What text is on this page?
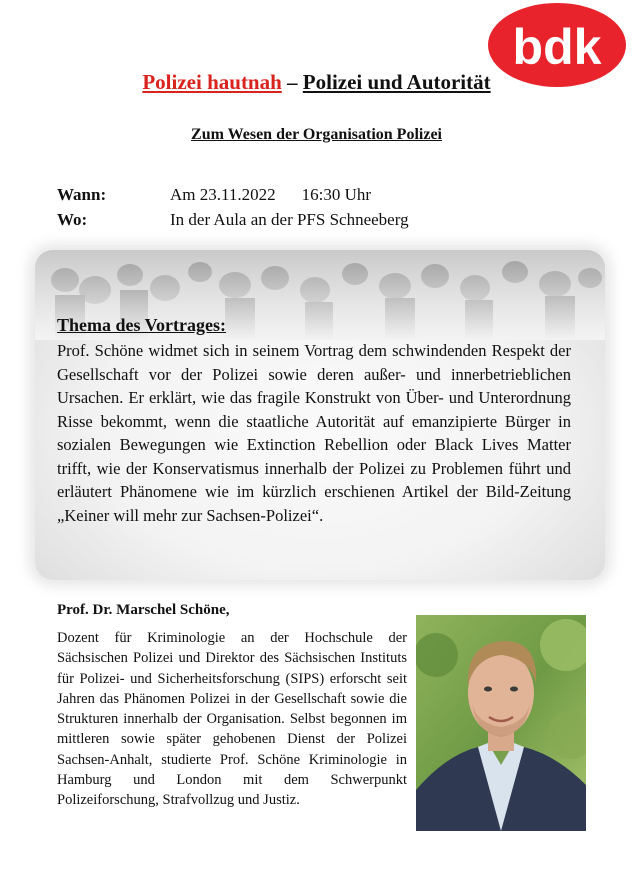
bdk
Polizei hautnah – Polizei und Autorität
Zum Wesen der Organisation Polizei
Wann:	Am 23.11.2022 16:30 Uhr
Wo:	In der Aula an der PFS Schneeberg
Thema des Vortrages:
Prof. Schöne widmet sich in seinem Vortrag dem schwindenden Respekt der Gesellschaft vor der Polizei sowie deren außer- und innerbetrieblichen Ursachen. Er erklärt, wie das fragile Konstrukt von Über- und Unterordnung Risse bekommt, wenn die staatliche Autorität auf emanzipierte Bürger in sozialen Bewegungen wie Extinction Rebellion oder Black Lives Matter trifft, wie der Konservatismus innerhalb der Polizei zu Problemen führt und erläutert Phänomene wie im kürzlich erschienen Artikel der Bild-Zeitung „Keiner will mehr zur Sachsen-Polizei“.
Prof. Dr. Marschel Schöne,
Dozent für Kriminologie an der Hochschule der Sächsischen Polizei und Direktor des Sächsischen Instituts für Polizei- und Sicherheitsforschung (SIPS) erforscht seit Jahren das Phänomen Polizei in der Gesellschaft sowie die Strukturen innerhalb der Organisation. Selbst begonnen im mittleren sowie später gehobenen Dienst der Polizei Sachsen-Anhalt, studierte Prof. Schöne Kriminologie in Hamburg und London mit dem Schwerpunkt Polizeiforschung, Strafvollzug und Justiz.
